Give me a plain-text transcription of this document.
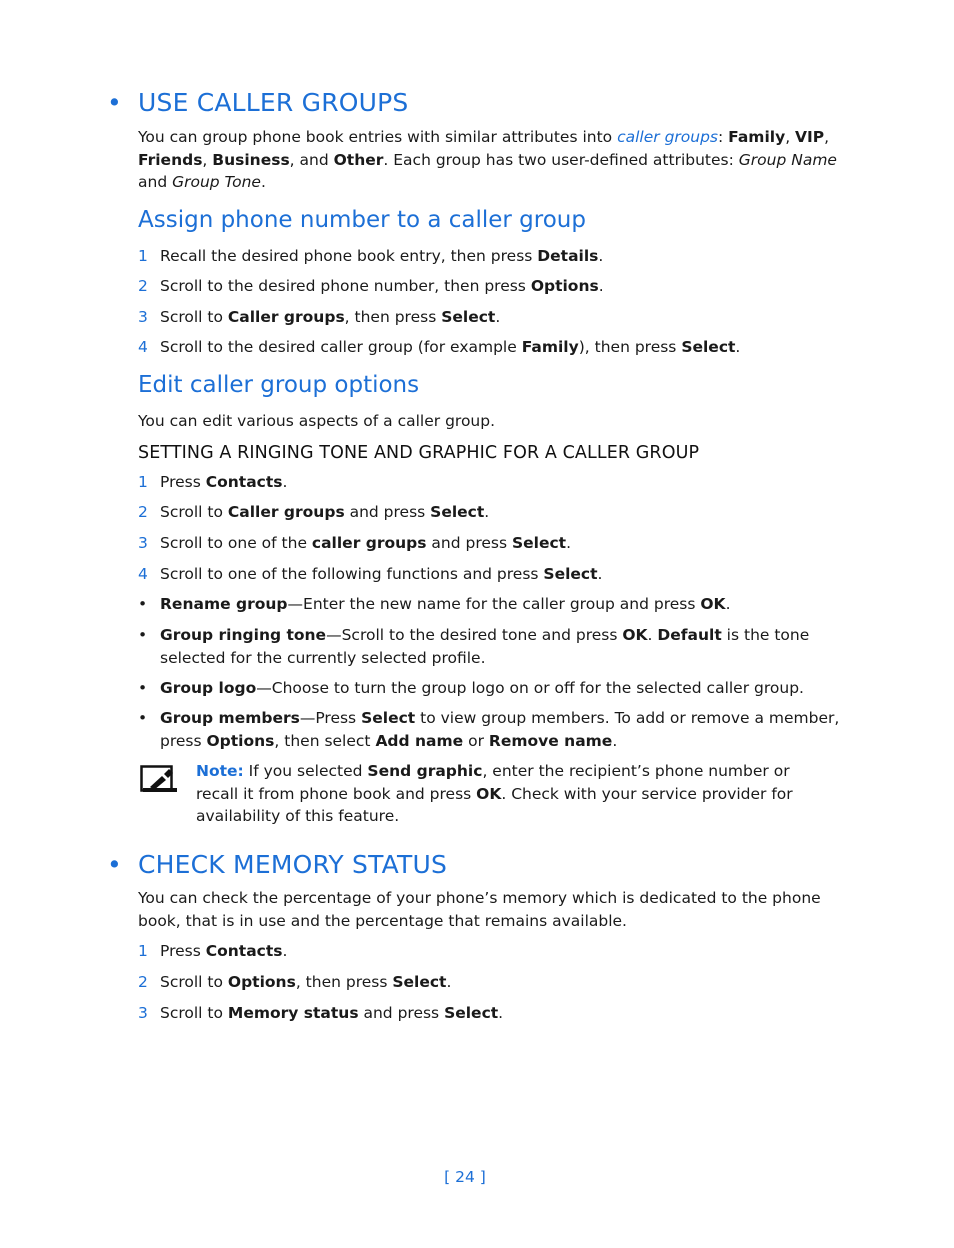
• USE CALLER GROUPS
You can group phone book entries with similar attributes into caller groups: Family, VIP, Friends, Business, and Other. Each group has two user-defined attributes: Group Name and Group Tone.
Assign phone number to a caller group
1 Recall the desired phone book entry, then press Details.
2 Scroll to the desired phone number, then press Options.
3 Scroll to Caller groups, then press Select.
4 Scroll to the desired caller group (for example Family), then press Select.
Edit caller group options
You can edit various aspects of a caller group.
SETTING A RINGING TONE AND GRAPHIC FOR A CALLER GROUP
1 Press Contacts.
2 Scroll to Caller groups and press Select.
3 Scroll to one of the caller groups and press Select.
4 Scroll to one of the following functions and press Select.
• Rename group—Enter the new name for the caller group and press OK.
• Group ringing tone—Scroll to the desired tone and press OK. Default is the tone selected for the currently selected profile.
• Group logo—Choose to turn the group logo on or off for the selected caller group.
• Group members—Press Select to view group members. To add or remove a member, press Options, then select Add name or Remove name.
Note: If you selected Send graphic, enter the recipient’s phone number or recall it from phone book and press OK. Check with your service provider for availability of this feature.
• CHECK MEMORY STATUS
You can check the percentage of your phone’s memory which is dedicated to the phone book, that is in use and the percentage that remains available.
1 Press Contacts.
2 Scroll to Options, then press Select.
3 Scroll to Memory status and press Select.
[ 24 ]
